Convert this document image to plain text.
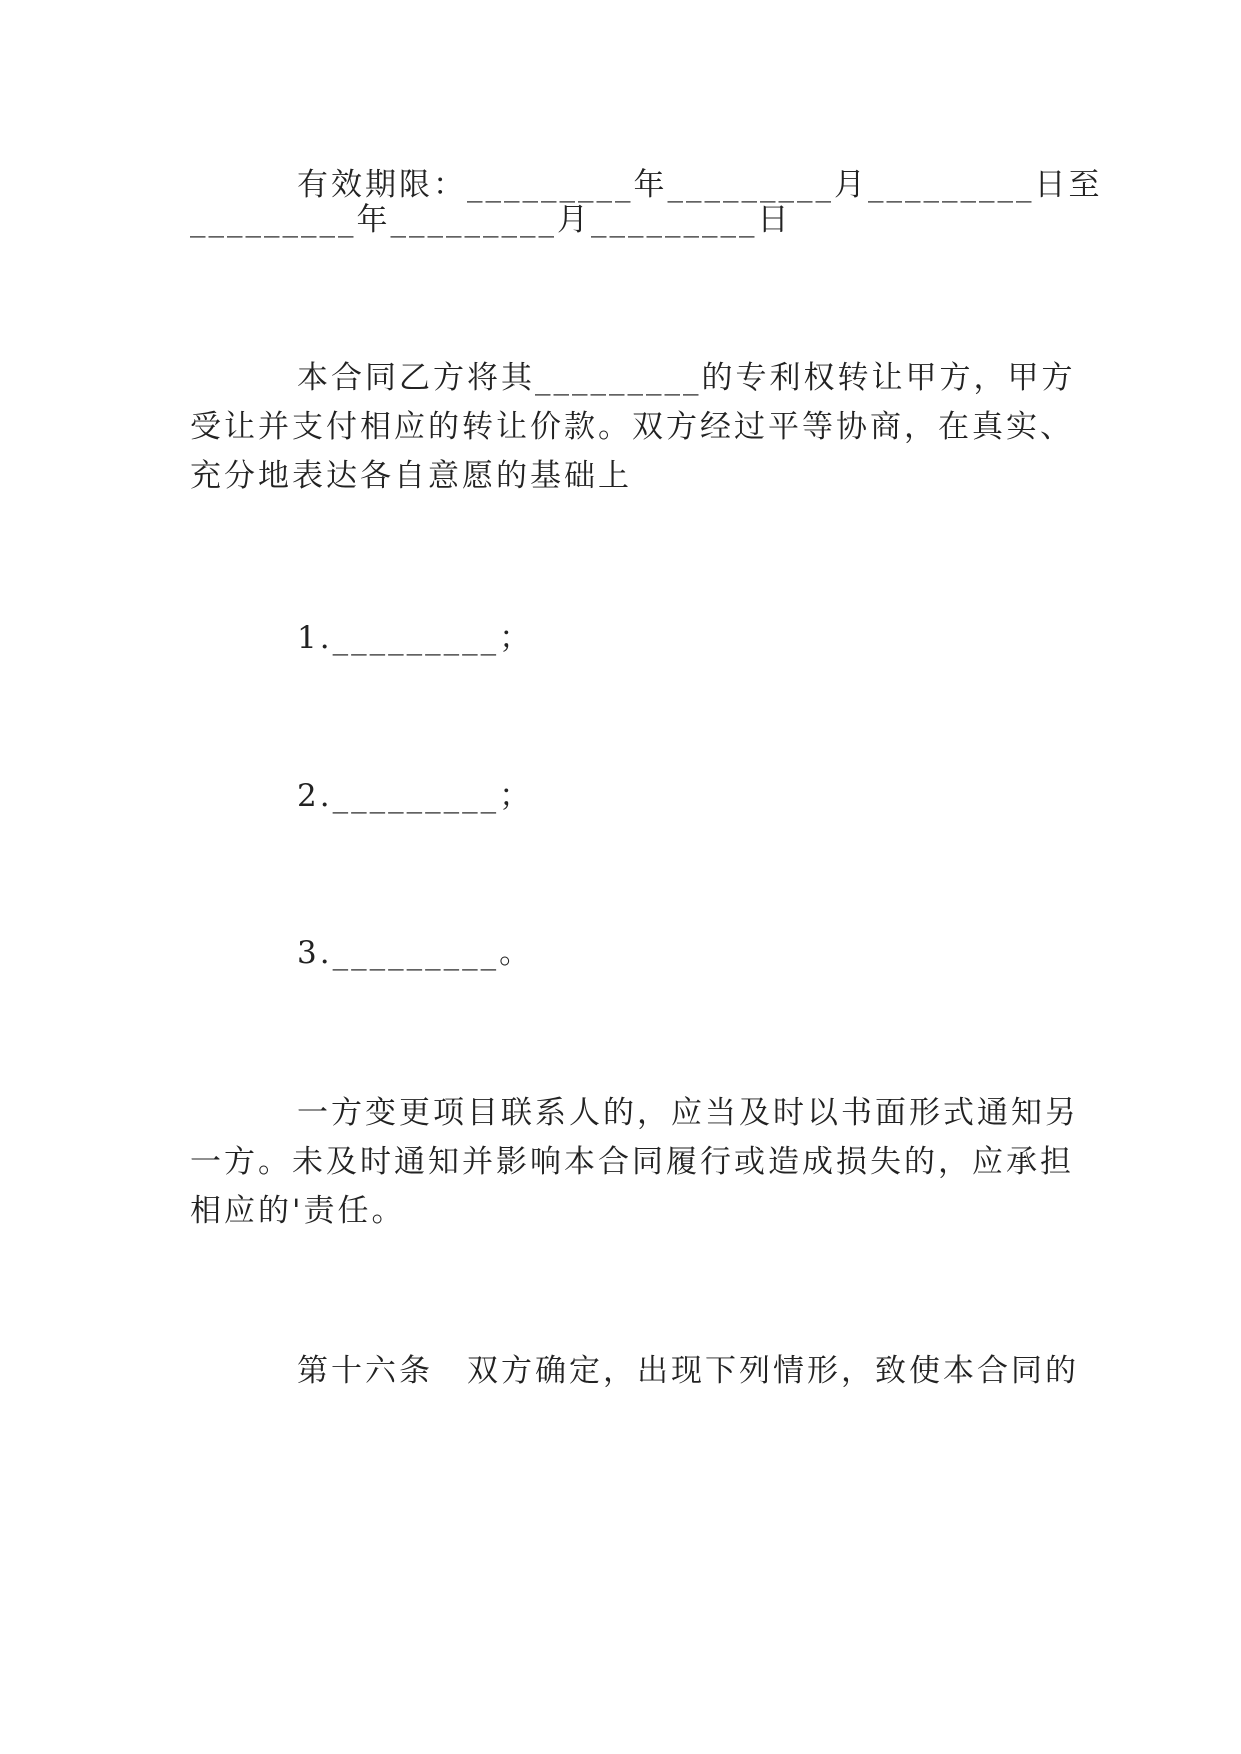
有效期限：_________年_________月_________日至
_________年_________月_________日
本合同乙方将其_________的专利权转让甲方，甲方
受让并支付相应的转让价款。双方经过平等协商，在真实、
充分地表达各自意愿的基础上
1._________；
2._________；
3._________。
一方变更项目联系人的，应当及时以书面形式通知另
一方。未及时通知并影响本合同履行或造成损失的，应承担
相应的'责任。
第十六条　双方确定，出现下列情形，致使本合同的
